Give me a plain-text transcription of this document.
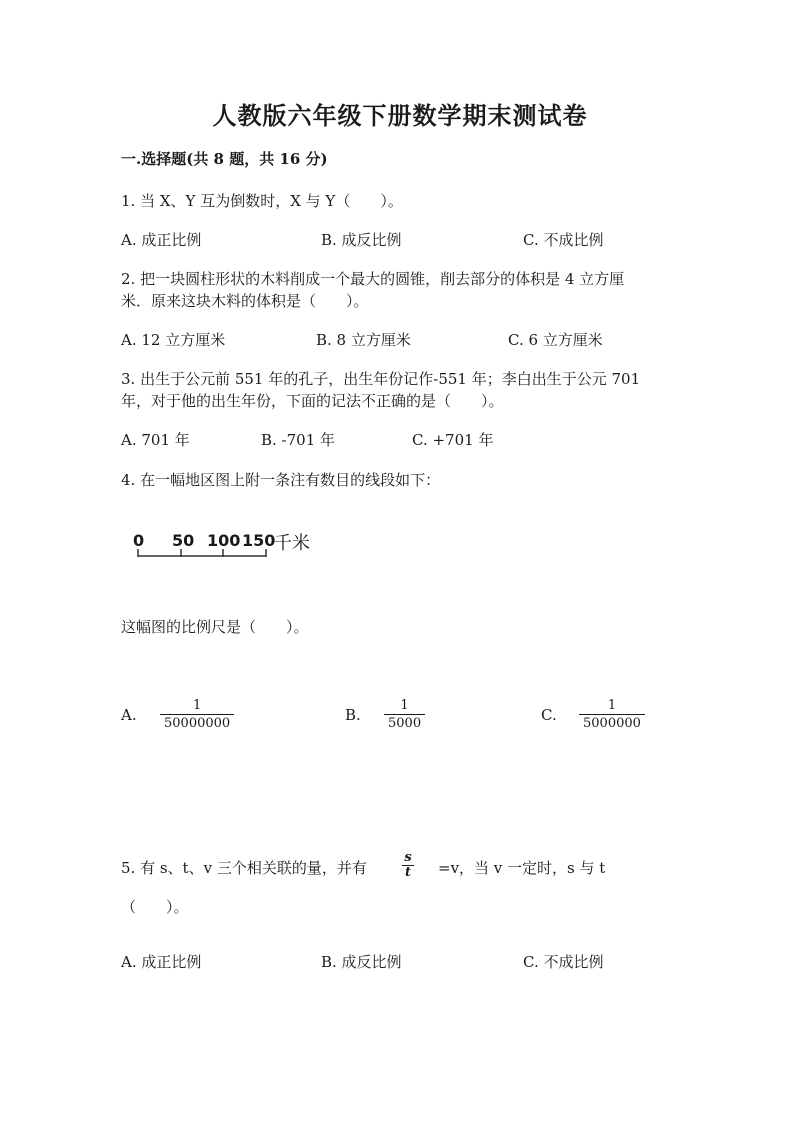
人教版六年级下册数学期末测试卷
一.选择题(共 8 题，共 16 分)
1. 当 X、Y 互为倒数时，X 与 Y（　　）。
A. 成正比例	B. 成反比例	C. 不成比例
2. 把一块圆柱形状的木料削成一个最大的圆锥，削去部分的体积是 4 立方厘
米．原来这块木料的体积是（　　）。
A. 12 立方厘米	B. 8 立方厘米	C. 6 立方厘米
3. 出生于公元前 551 年的孔子，出生年份记作-551 年；李白出生于公元 701
年，对于他的出生年份，下面的记法不正确的是（　　）。
A. 701 年	B. -701 年	C. +701 年
4. 在一幅地区图上附一条注有数目的线段如下：
0 50 100 150
千米
这幅图的比例尺是（　　）。
A. $\frac{1}{50000000}$	B. $\frac{1}{5000}$	C. $\frac{1}{5000000}$
5. 有 s、t、v 三个相关联的量，并有	$\frac{s}{t} =v$，当 v 一定时，s 与 t
（　　）。
A. 成正比例	B. 成反比例	C. 不成比例
